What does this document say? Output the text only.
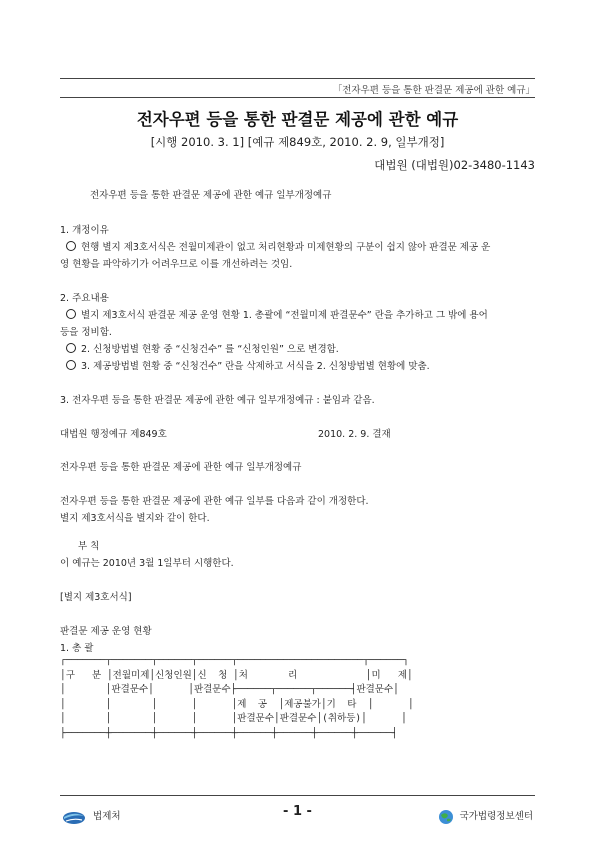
「전자우편 등을 통한 판결문 제공에 관한 예규」
전자우편 등을 통한 판결문 제공에 관한 예규
[시행 2010. 3. 1] [예규 제849호, 2010. 2. 9, 일부개정]
대법원 (대법원)02-3480-1143
전자우편 등을 통한 판결문 제공에 관한 예규 일부개정예규
1. 개정이유
현행 별지 제3호서식은 전월미제관이 없고 처리현황과 미제현황의 구분이 쉽지 않아 판결문 제공 운
영 현황을 파악하기가 어려우므로 이를 개선하려는 것임.
2. 주요내용
별지 제3호서식 판결문 제공 운영 현황 1. 총괄에 “전월미제 판결문수” 란을 추가하고 그 밖에 용어
등을 정비함.
2. 신청방법별 현황 중 “신청건수” 를 “신청인원” 으로 변경함.
3. 제공방법별 현황 중 “신청건수” 란을 삭제하고 서식을 2. 신청방법별 현황에 맞춤.
3. 전자우편 등을 통한 판결문 제공에 관한 예규 일부개정예규 : 붙임과 같음.
대법원 행정예규 제849호	2010. 2. 9. 결재
전자우편 등을 통한 판결문 제공에 관한 예규 일부개정예규
전자우편 등을 통한 판결문 제공에 관한 예규 일부를 다음과 같이 개정한다.
별지 제3호서식을 별지와 같이 한다.
부 칙
이 예규는 2010년 3월 1일부터 시행한다.
[별지 제3호서식]
판결문 제공 운영 현황
1. 총 괄
┌───────┬───────┬──────┬──────┬──────────────────────┬──────┐
│구   분 │전월미제│신청인원│신  청 │처       리            │미   제│
│       │판결문수│      │판결문수├──────┬──────┬──────┤판결문수│
│       │       │      │      │제  공  │제공불가│기  타  │      │
│       │       │      │      │판결문수│판결문수│(취하등)│      │
├───────┼───────┼──────┼──────┼──────┼──────┼──────┼──────┤
법제처	- 1 -	국가법령정보센터
